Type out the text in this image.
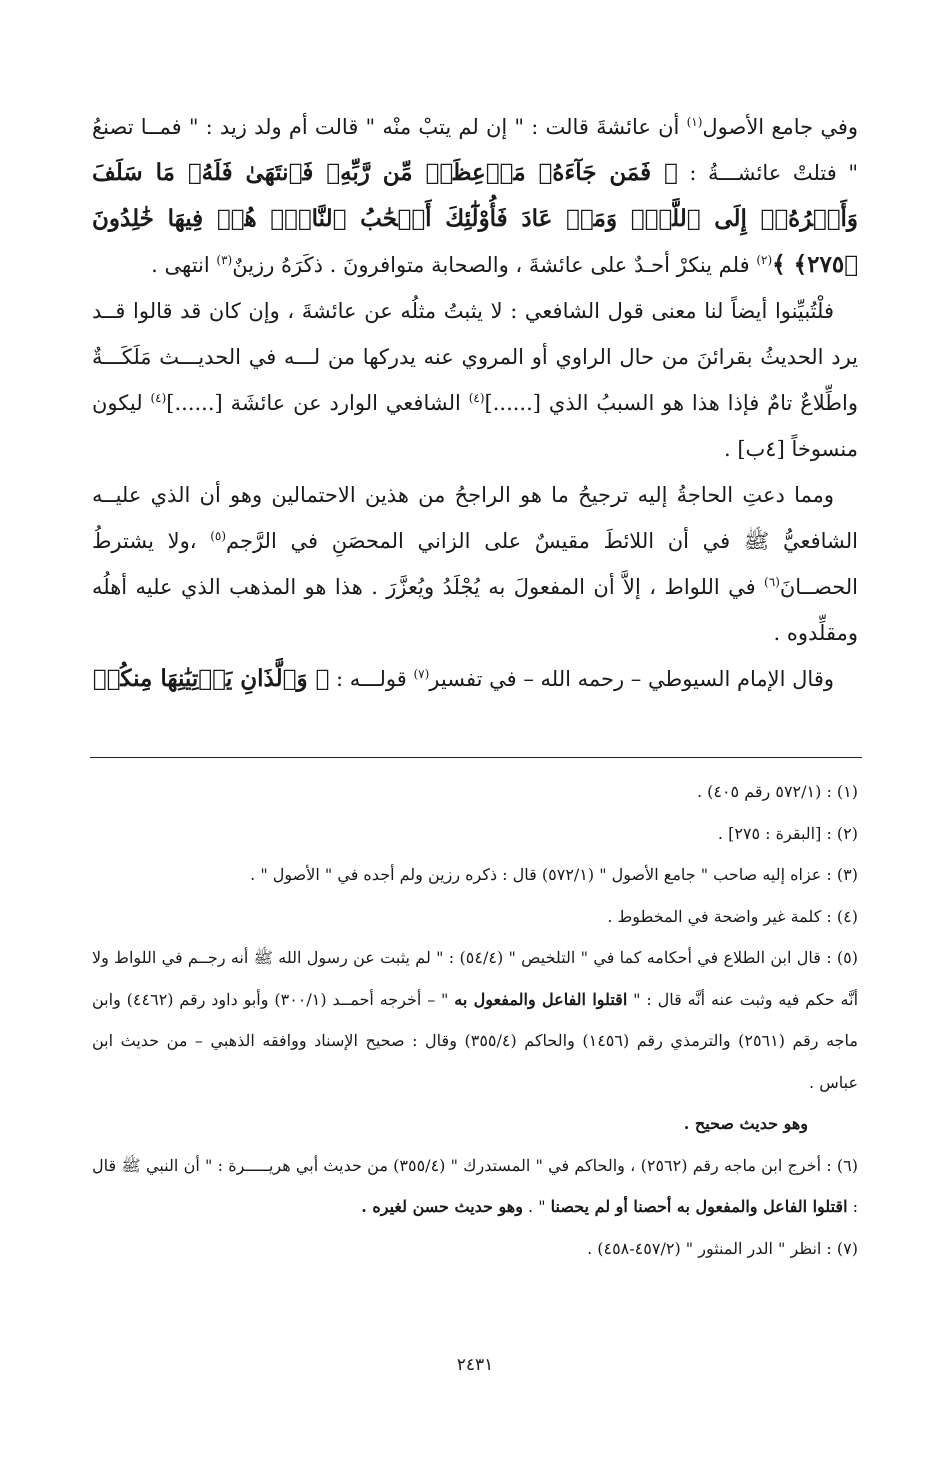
وفي جامع الأصول$^{(١)}$ أن عائشةَ قالت : " إن لم يتبْ منْه " قالت أم ولد زيد : " فمــا تصنعُ " فتلتْ عائشـــةُ : ﴿ فَمَن جَآءَهُۥ مَوۡعِظَةٞ مِّن رَّبِّهِۦ فَٱنتَهَىٰ فَلَهُۥ مَا سَلَفَ وَأَمۡرُهُۥٓ إِلَى ٱللَّهِۖ وَمَنۡ عَادَ فَأُوْلَٰٓئِكَ أَصۡحَٰبُ ٱلنَّارِۖ هُمۡ فِيهَا خَٰلِدُونَ ﴿٢٧٥﴾ ﴾$^{(٢)}$ فلم ينكرْ أحـدٌ على عائشةَ ، والصحابة متوافرونَ . ذكَرَهُ رزينٌ$^{(٣)}$ انتهى .

فلْتُبيِّنوا أيضاً لنا معنى قول الشافعي : لا يثبتُ مثلُه عن عائشةَ ، وإن كان قد قالوا قــد يرد الحديثُ بقرائنَ من حال الراوي أو المروي عنه يدركها من لـــه في الحديـــث مَلَكَـــةٌ واطِّلاعٌ تامٌ فإذا هذا هو السببُ الذي [......]$^{(٤)}$ الشافعي الوارد عن عائشَة [......]$^{(٤)}$ ليكون منسوخاً [٤ب] .

ومما دعتِ الحاجةُ إليه ترجيحُ ما هو الراجحُ من هذين الاحتمالين وهو أن الذي عليــه الشافعيُّ ﷺ في أن اللائطَ مقيسٌ على الزاني المحصَنِ في الرَّجم$^{(٥)}$ ،ولا يشترطُ الحصــانَ$^{(٦)}$ في اللواط ، إلاَّ أن المفعولَ به يُجْلَدُ ويُعزَّرَ . هذا هو المذهب الذي عليه أهلُه ومقلِّدوه .

وقال الإمام السيوطي – رحمه الله – في تفسير$^{(٧)}$ قولـــه : ﴿ وَٱلَّذَانِ يَأۡتِيَٰنِهَا مِنكُمۡ

(١) : (٥٧٢/١ رقم ٤٠٥) .

(٢) : [البقرة : ٢٧٥] .

(٣) : عزاه إليه صاحب " جامع الأصول " (٥٧٢/١) قال : ذكره رزين ولم أجده في " الأصول " .

(٤) : كلمة غير واضحة في المخطوط .

(٥) : قال ابن الطلاع في أحكامه كما في " التلخيص " (٥٤/٤) : " لم يثبت عن رسول الله ﷺ أنه رجــم في اللواط ولا أنَّه حكم فيه وثبت عنه أنَّه قال : " اقتلوا الفاعل والمفعول به " – أخرجه أحمــد (٣٠٠/١) وأبو داود رقم (٤٤٦٢) وابن ماجه رقم (٢٥٦١) والترمذي رقم (١٤٥٦) والحاكم (٣٥٥/٤) وقال : صحيح الإسناد ووافقه الذهبي – من حديث ابن عباس .

وهو حديث صحيح .

(٦) : أخرج ابن ماجه رقم (٢٥٦٢) ، والحاكم في " المستدرك " (٣٥٥/٤) من حديث أبي هريـــــرة : " أن النبي ﷺ قال : اقتلوا الفاعل والمفعول به أحصنا أو لم يحصنا " . وهو حديث حسن لغيره .

(٧) : انظر " الدر المنثور " (٤٥٧/٢-٤٥٨) .

٢٤٣١
